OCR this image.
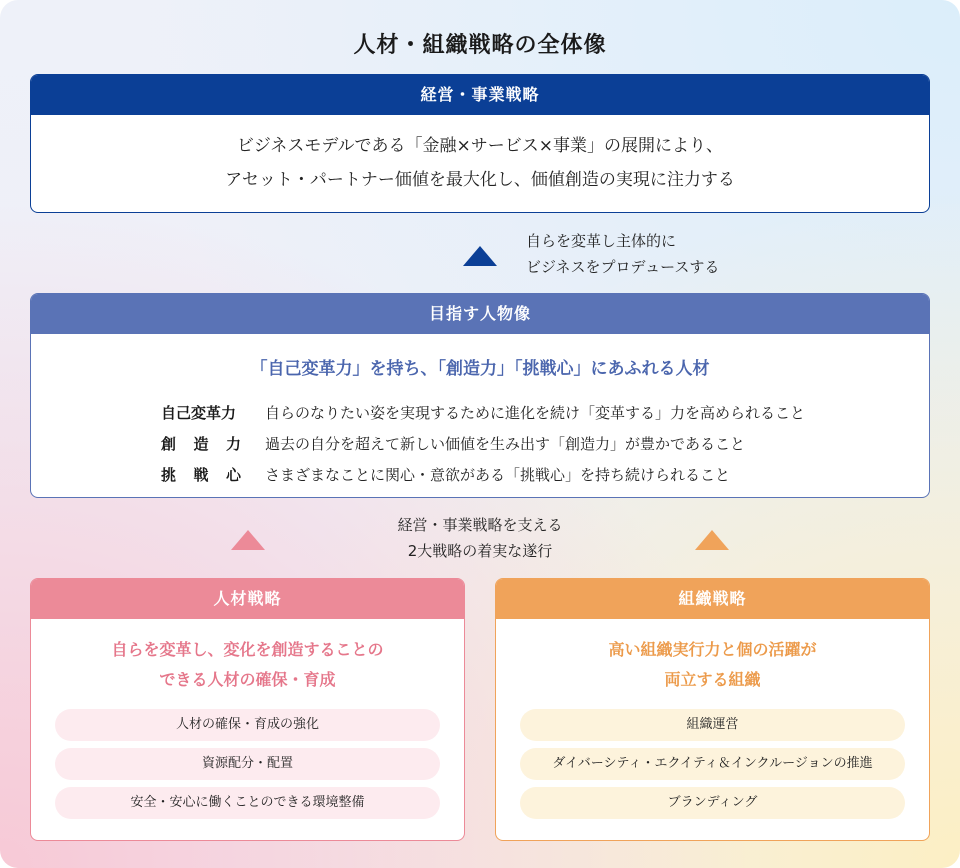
人材・組織戦略の全体像
経営・事業戦略

ビジネスモデルである「金融×サービス×事業」の展開により、

アセット・パートナー価値を最大化し、価値創造の実現に注力する

自らを変革し主体的に
ビジネスをプロデュースする
目指す人物像
「自己変革力」を持ち、「創造力」「挑戦心」にあふれる人材
自己変革力	自らのなりたい姿を実現するために進化を続け「変革する」力を高められること
創 造 力 過去の自分を超えて新しい価値を生み出す「創造力」が豊かであること
挑 戦 心 さまざまなことに関心・意欲がある「挑戦心」を持ち続けられること
経営・事業戦略を支える
2大戦略の着実な遂行
人材戦略
自らを変革し、変化を創造することの
できる人材の確保・育成
人材の確保・育成の強化
資源配分・配置
安全・安心に働くことのできる環境整備
組織戦略
高い組織実行力と個の活躍が
両立する組織
組織運営
ダイバーシティ・エクイティ＆インクルージョンの推進
ブランディング
